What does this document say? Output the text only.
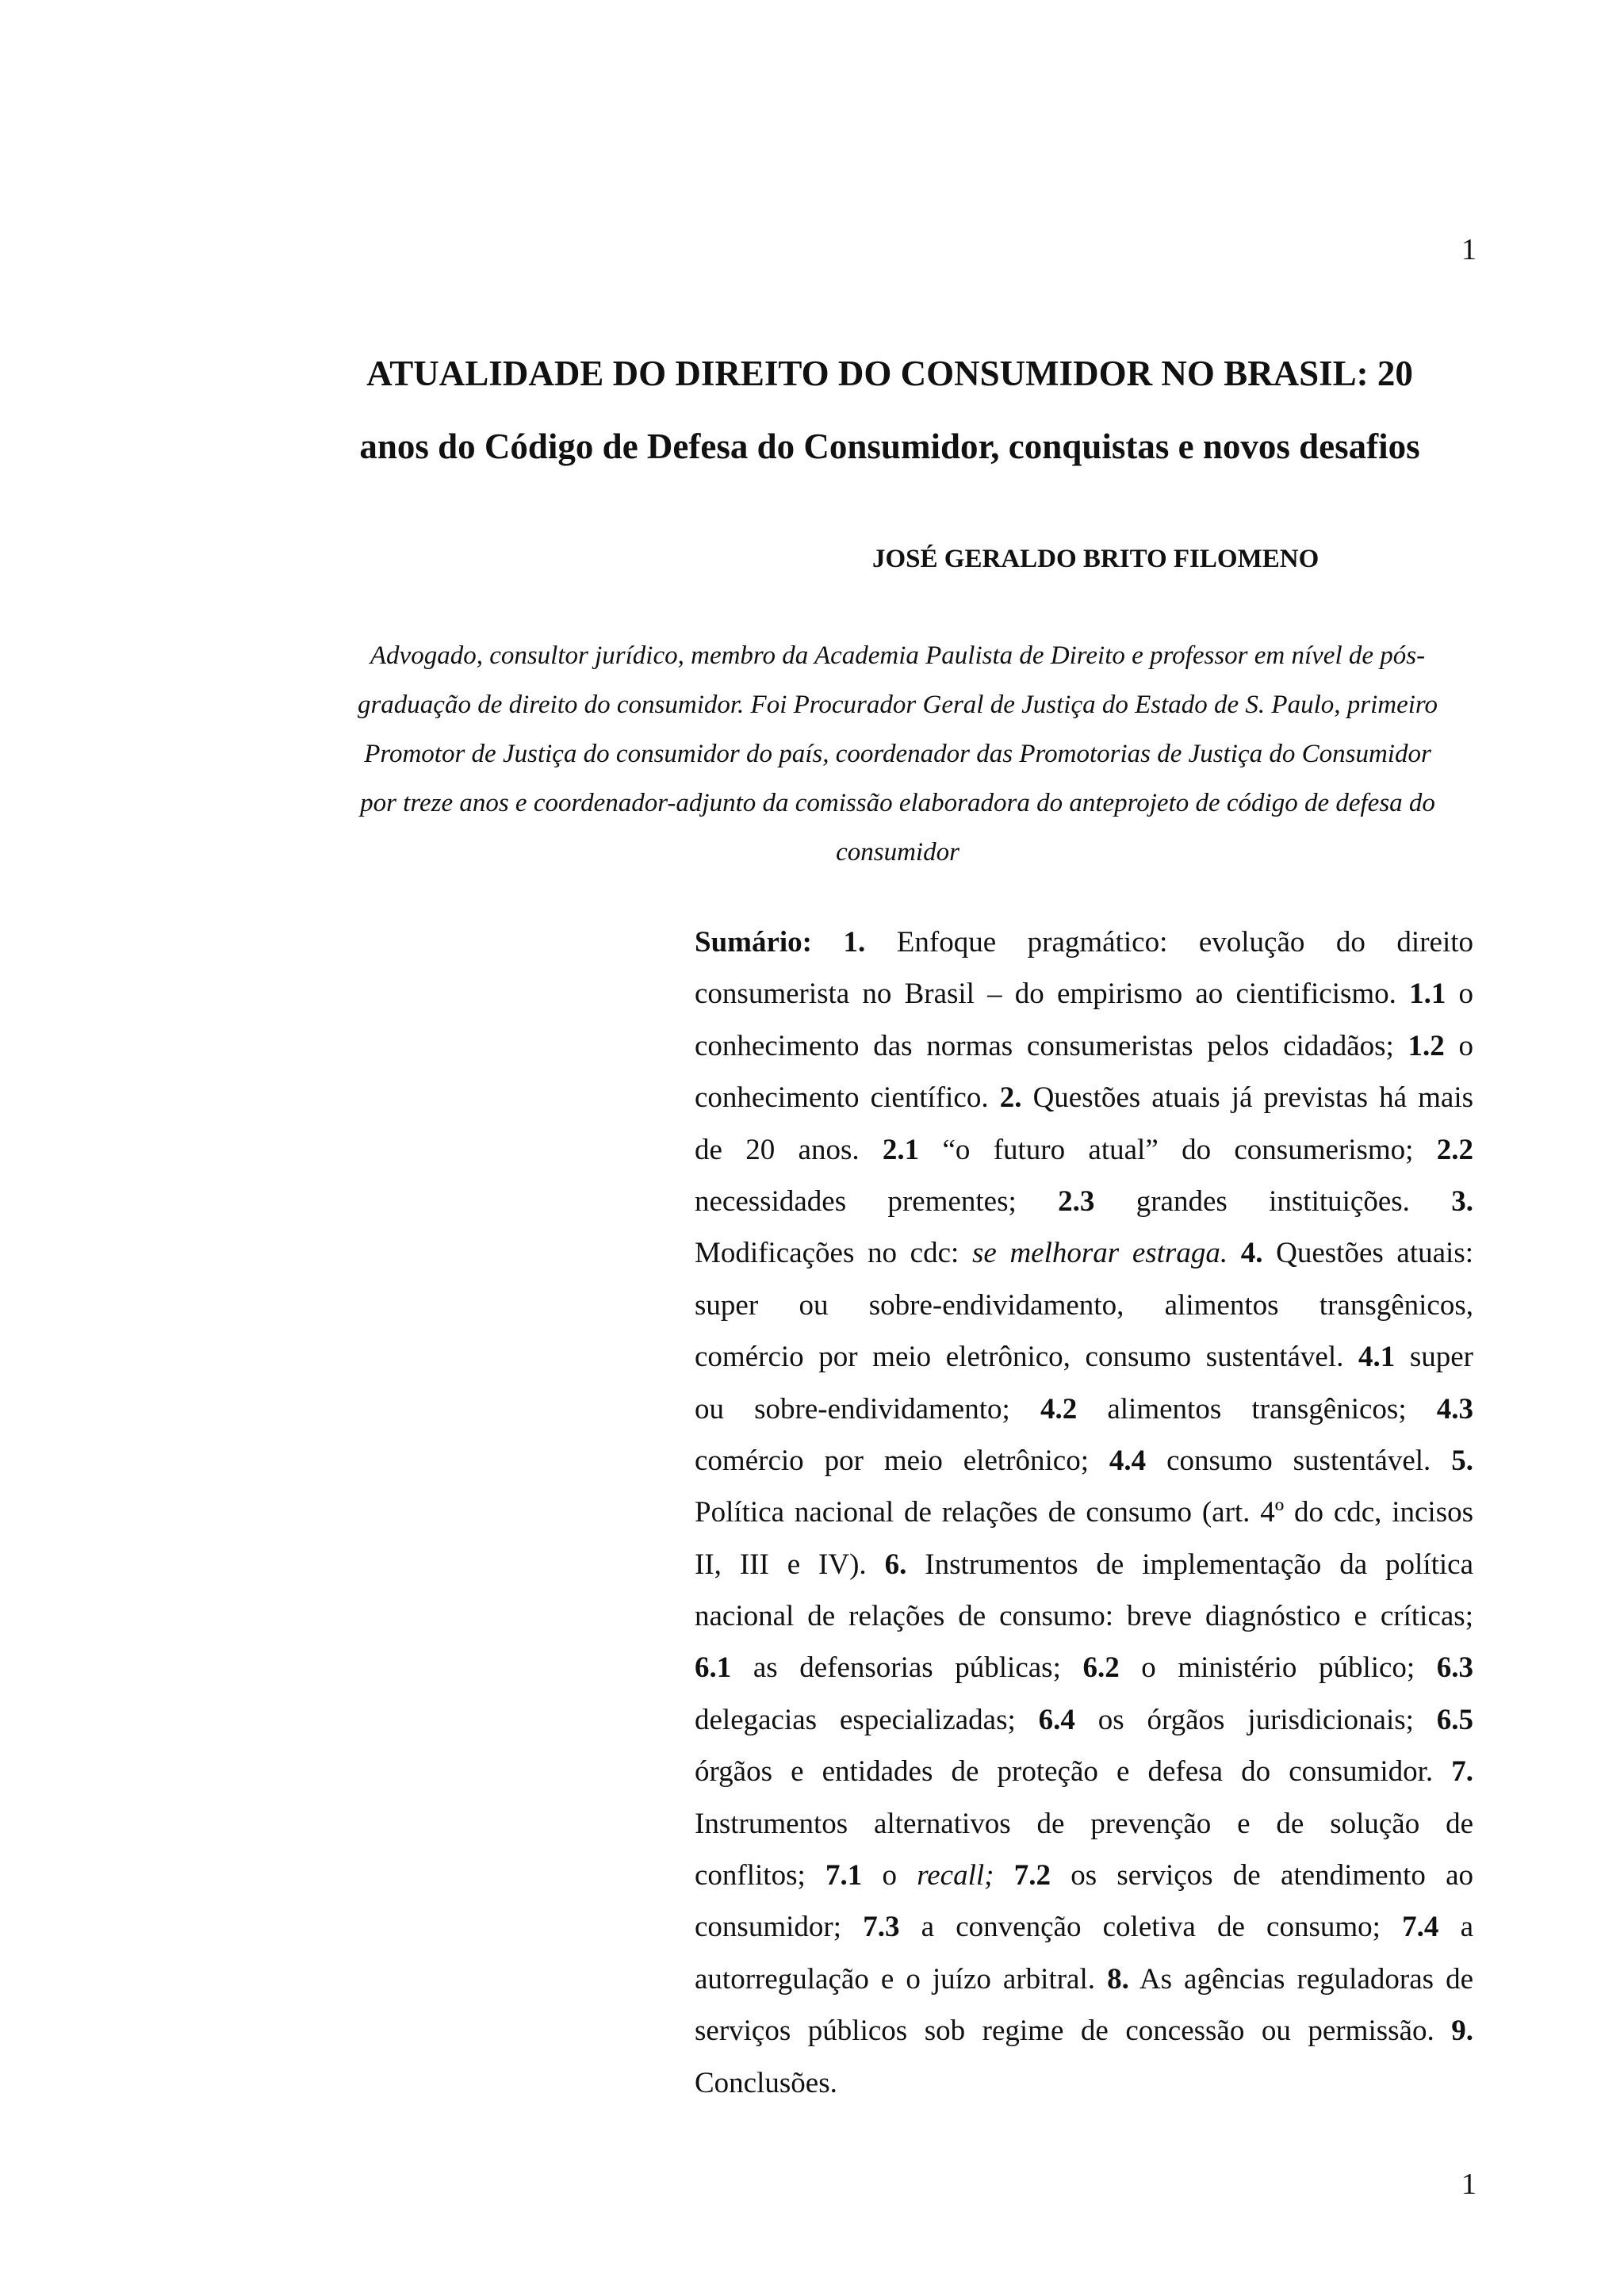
1
ATUALIDADE DO DIREITO DO CONSUMIDOR NO BRASIL: 20
anos do Código de Defesa do Consumidor, conquistas e novos desafios
JOSÉ GERALDO BRITO FILOMENO
Advogado, consultor jurídico, membro da Academia Paulista de Direito e professor em nível de pós-
graduação de direito do consumidor. Foi Procurador Geral de Justiça do Estado de S. Paulo, primeiro
Promotor de Justiça do consumidor do país, coordenador das Promotorias de Justiça do Consumidor
por treze anos e coordenador-adjunto da comissão elaboradora do anteprojeto de código de defesa do
consumidor
Sumário: 1. Enfoque pragmático: evolução do direito
consumerista no Brasil – do empirismo ao cientificismo. 1.1 o
conhecimento das normas consumeristas pelos cidadãos; 1.2 o
conhecimento científico. 2. Questões atuais já previstas há mais
de 20 anos. 2.1 “o futuro atual” do consumerismo; 2.2
necessidades prementes; 2.3 grandes instituições. 3.
Modificações no cdc: se melhorar estraga. 4. Questões atuais:
super ou sobre-endividamento, alimentos transgênicos,
comércio por meio eletrônico, consumo sustentável. 4.1 super
ou sobre-endividamento; 4.2 alimentos transgênicos; 4.3
comércio por meio eletrônico; 4.4 consumo sustentável. 5.
Política nacional de relações de consumo (art. 4º do cdc, incisos
II, III e IV). 6. Instrumentos de implementação da política
nacional de relações de consumo: breve diagnóstico e críticas;
6.1 as defensorias públicas; 6.2 o ministério público; 6.3
delegacias especializadas; 6.4 os órgãos jurisdicionais; 6.5
órgãos e entidades de proteção e defesa do consumidor. 7.
Instrumentos alternativos de prevenção e de solução de
conflitos; 7.1 o recall; 7.2 os serviços de atendimento ao
consumidor; 7.3 a convenção coletiva de consumo; 7.4 a
autorregulação e o juízo arbitral. 8. As agências reguladoras de
serviços públicos sob regime de concessão ou permissão. 9.
Conclusões.
1
